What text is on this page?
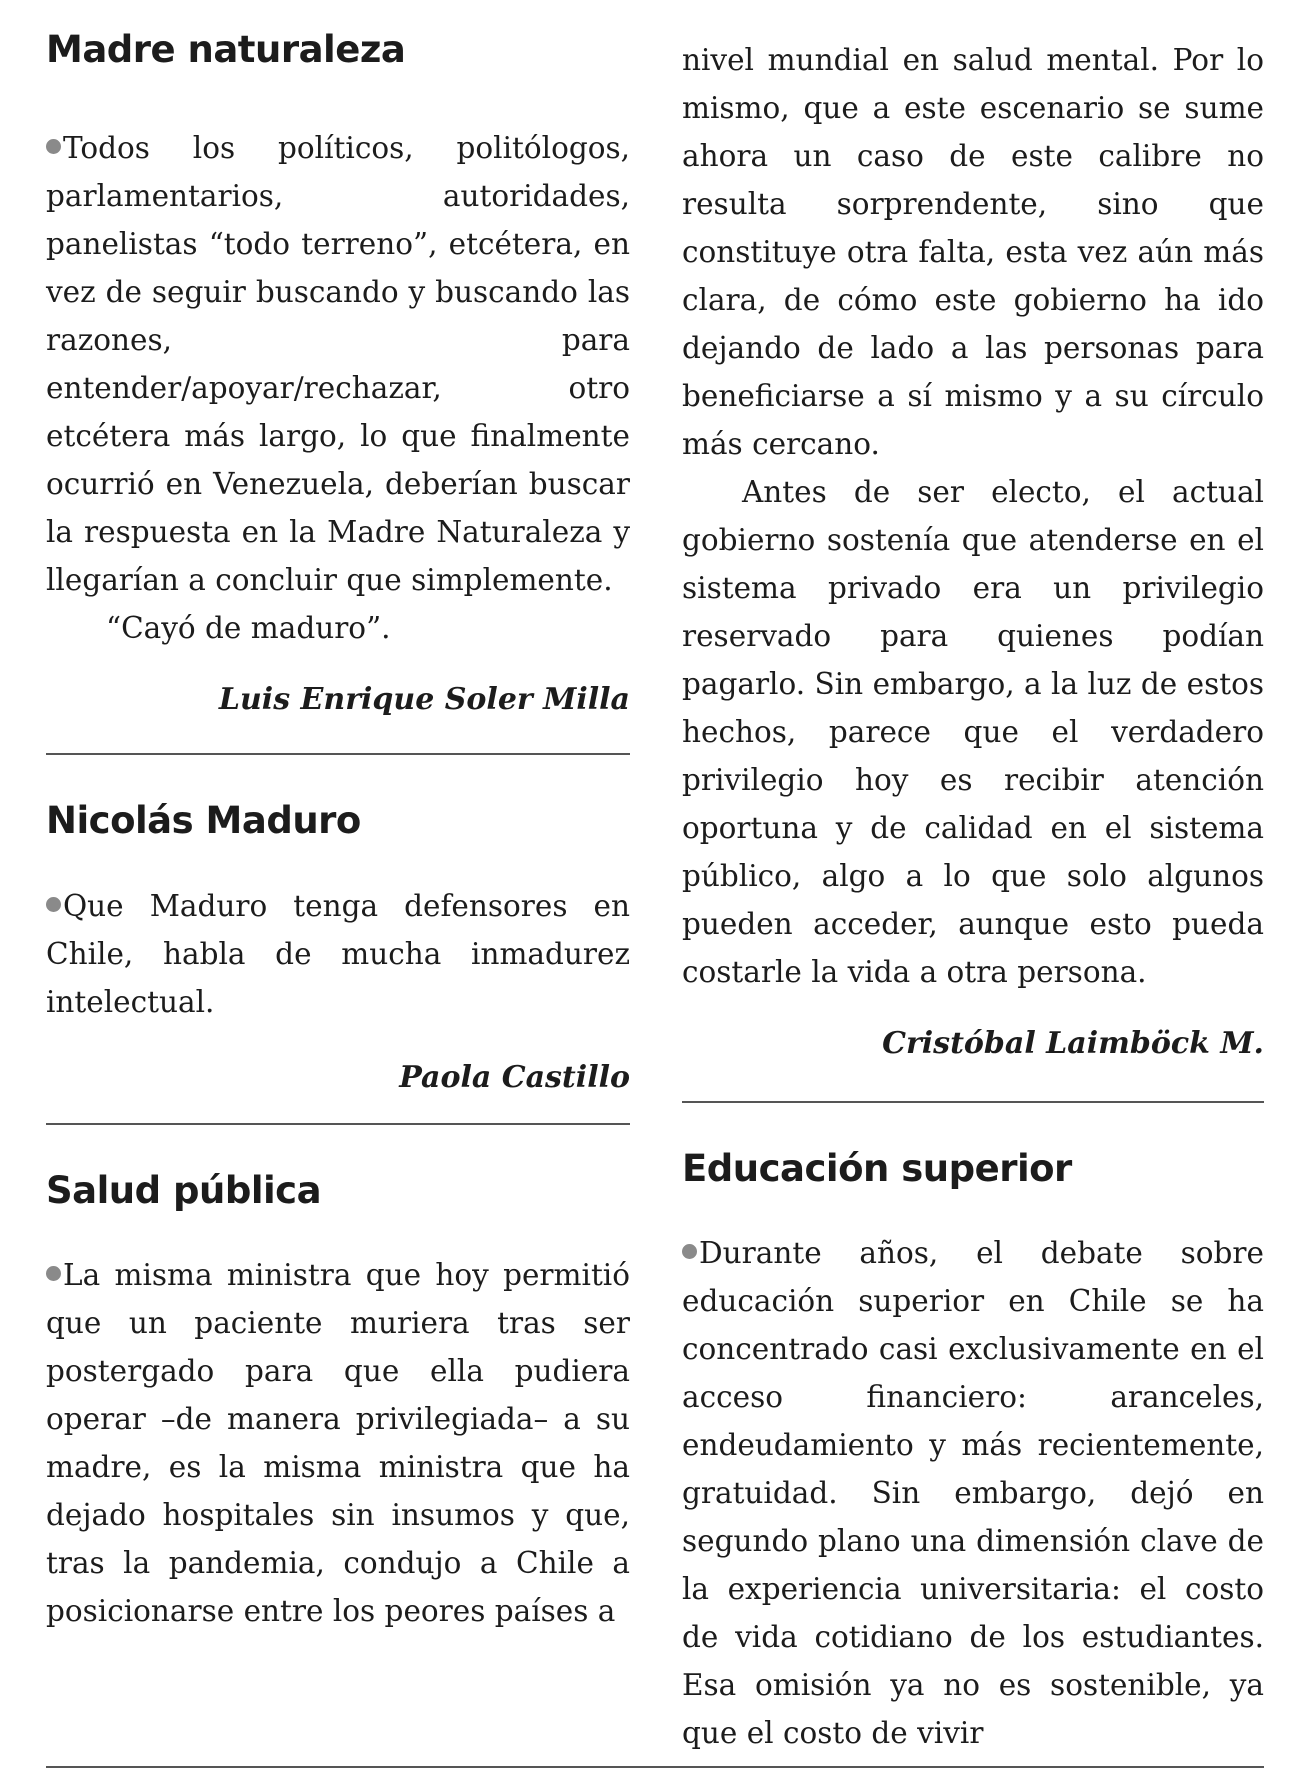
Madre naturaleza

Todos los políticos, politólogos, parlamentarios, autoridades, panelistas “todo terreno”, etcétera, en vez de seguir buscando y buscando las razones, para entender/apoyar/rechazar, otro etcétera más largo, lo que finalmente ocurrió en Venezuela, deberían buscar la respuesta en la Madre Naturaleza y llegarían a concluir que simplemente.

“Cayó de maduro”.

Luis Enrique Soler Milla

Nicolás Maduro

Que Maduro tenga defensores en Chile, habla de mucha inmadurez intelectual.

Paola Castillo

Salud pública

La misma ministra que hoy permitió que un paciente muriera tras ser postergado para que ella pudiera operar –de manera privilegiada– a su madre, es la misma ministra que ha dejado hospitales sin insumos y que, tras la pandemia, condujo a Chile a posicionarse entre los peores países a

nivel mundial en salud mental. Por lo mismo, que a este escenario se sume ahora un caso de este calibre no resulta sorprendente, sino que constituye otra falta, esta vez aún más clara, de cómo este gobierno ha ido dejando de lado a las personas para beneficiarse a sí mismo y a su círculo más cercano.

Antes de ser electo, el actual gobierno sostenía que atenderse en el sistema privado era un privilegio reservado para quienes podían pagarlo. Sin embargo, a la luz de estos hechos, parece que el verdadero privilegio hoy es recibir atención oportuna y de calidad en el sistema público, algo a lo que solo algunos pueden acceder, aunque esto pueda costarle la vida a otra persona.

Cristóbal Laimböck M.

Educación superior

Durante años, el debate sobre educación superior en Chile se ha concentrado casi exclusivamente en el acceso financiero: aranceles, endeudamiento y más recientemente, gratuidad. Sin embargo, dejó en segundo plano una dimensión clave de la experiencia universitaria: el costo de vida cotidiano de los estudiantes. Esa omisión ya no es sostenible, ya que el costo de vivir
